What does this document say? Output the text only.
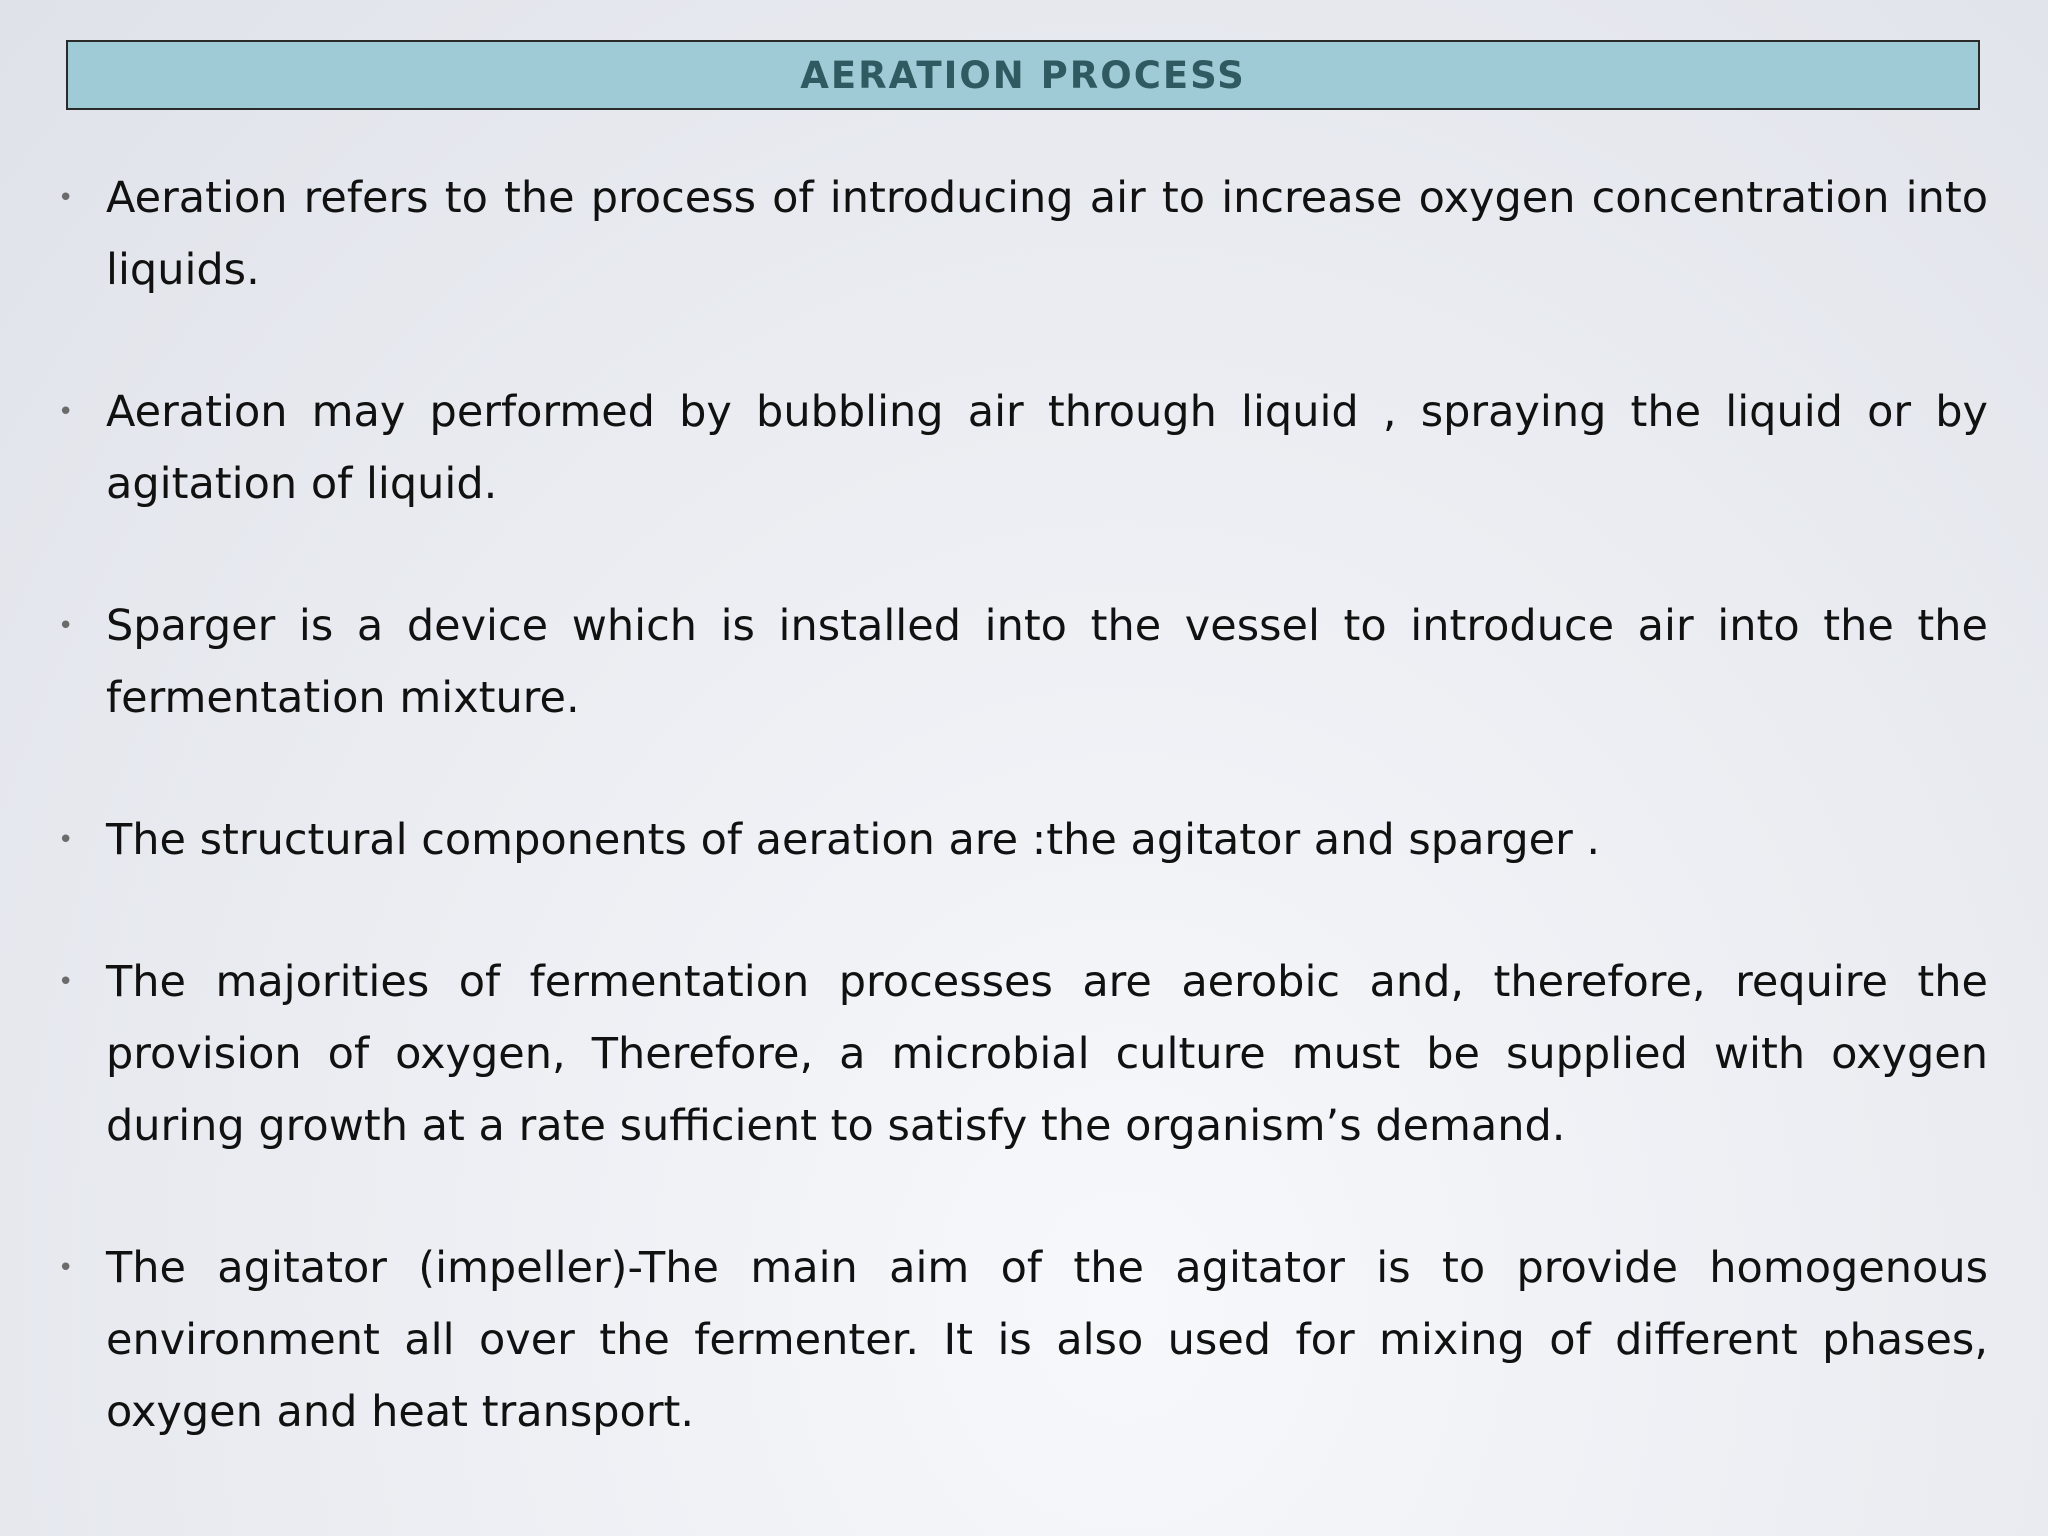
AERATION PROCESS
• Aeration refers to the process of introducing air to increase oxygen concentration into liquids.
• Aeration may performed by bubbling air through liquid , spraying the liquid or by agitation of liquid.
• Sparger is a device which is installed into the vessel to introduce air into the the fermentation mixture.
• The structural components of aeration are :the agitator and sparger .
• The majorities of fermentation processes are aerobic and, therefore, require the provision of oxygen, Therefore, a microbial culture must be supplied with oxygen during growth at a rate sufficient to satisfy the organism’s demand.
• The agitator (impeller)-The main aim of the agitator is to provide homogenous environment all over the fermenter. It is also used for mixing of different phases, oxygen and heat transport.
